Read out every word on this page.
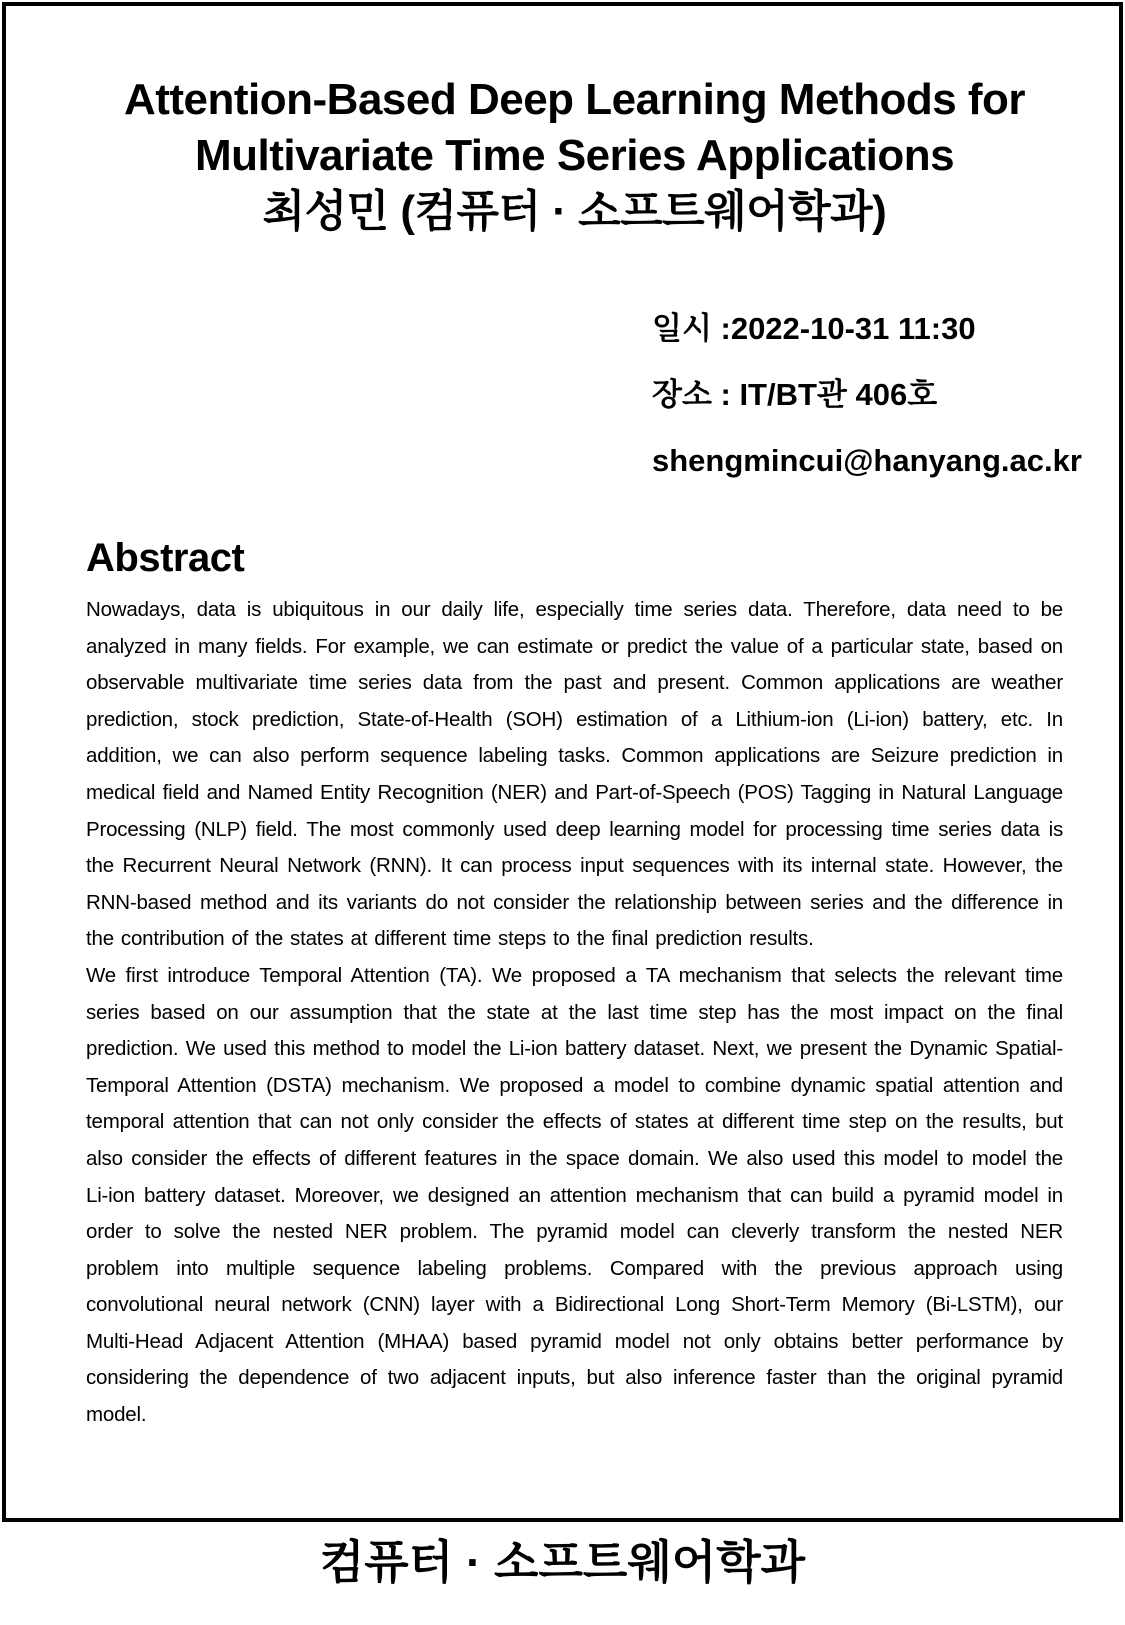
Attention-Based Deep Learning Methods for
Multivariate Time Series Applications
최성민 (컴퓨터 · 소프트웨어학과)
일시 :2022-10-31 11:30
장소 : IT/BT관 406호
shengmincui@hanyang.ac.kr
Abstract

Nowadays, data is ubiquitous in our daily life, especially time series data. Therefore, data need to be analyzed in many fields. For example, we can estimate or predict the value of a particular state, based on observable multivariate time series data from the past and present. Common applications are weather prediction, stock prediction, State-of-Health (SOH) estimation of a Lithium-ion (Li-ion) battery, etc. In addition, we can also perform sequence labeling tasks. Common applications are Seizure prediction in medical field and Named Entity Recognition (NER) and Part-of-Speech (POS) Tagging in Natural Language Processing (NLP) field. The most commonly used deep learning model for processing time series data is the Recurrent Neural Network (RNN). It can process input sequences with its internal state. However, the RNN-based method and its variants do not consider the relationship between series and the difference in the contribution of the states at different time steps to the final prediction results.

We first introduce Temporal Attention (TA). We proposed a TA mechanism that selects the relevant time series based on our assumption that the state at the last time step has the most impact on the final prediction. We used this method to model the Li-ion battery dataset. Next, we present the Dynamic Spatial-Temporal Attention (DSTA) mechanism. We proposed a model to combine dynamic spatial attention and temporal attention that can not only consider the effects of states at different time step on the results, but also consider the effects of different features in the space domain. We also used this model to model the Li-ion battery dataset. Moreover, we designed an attention mechanism that can build a pyramid model in order to solve the nested NER problem. The pyramid model can cleverly transform the nested NER problem into multiple sequence labeling problems. Compared with the previous approach using convolutional neural network (CNN) layer with a Bidirectional Long Short-Term Memory (Bi-LSTM), our Multi-Head Adjacent Attention (MHAA) based pyramid model not only obtains better performance by considering the dependence of two adjacent inputs, but also inference faster than the original pyramid model.

컴퓨터 · 소프트웨어학과
